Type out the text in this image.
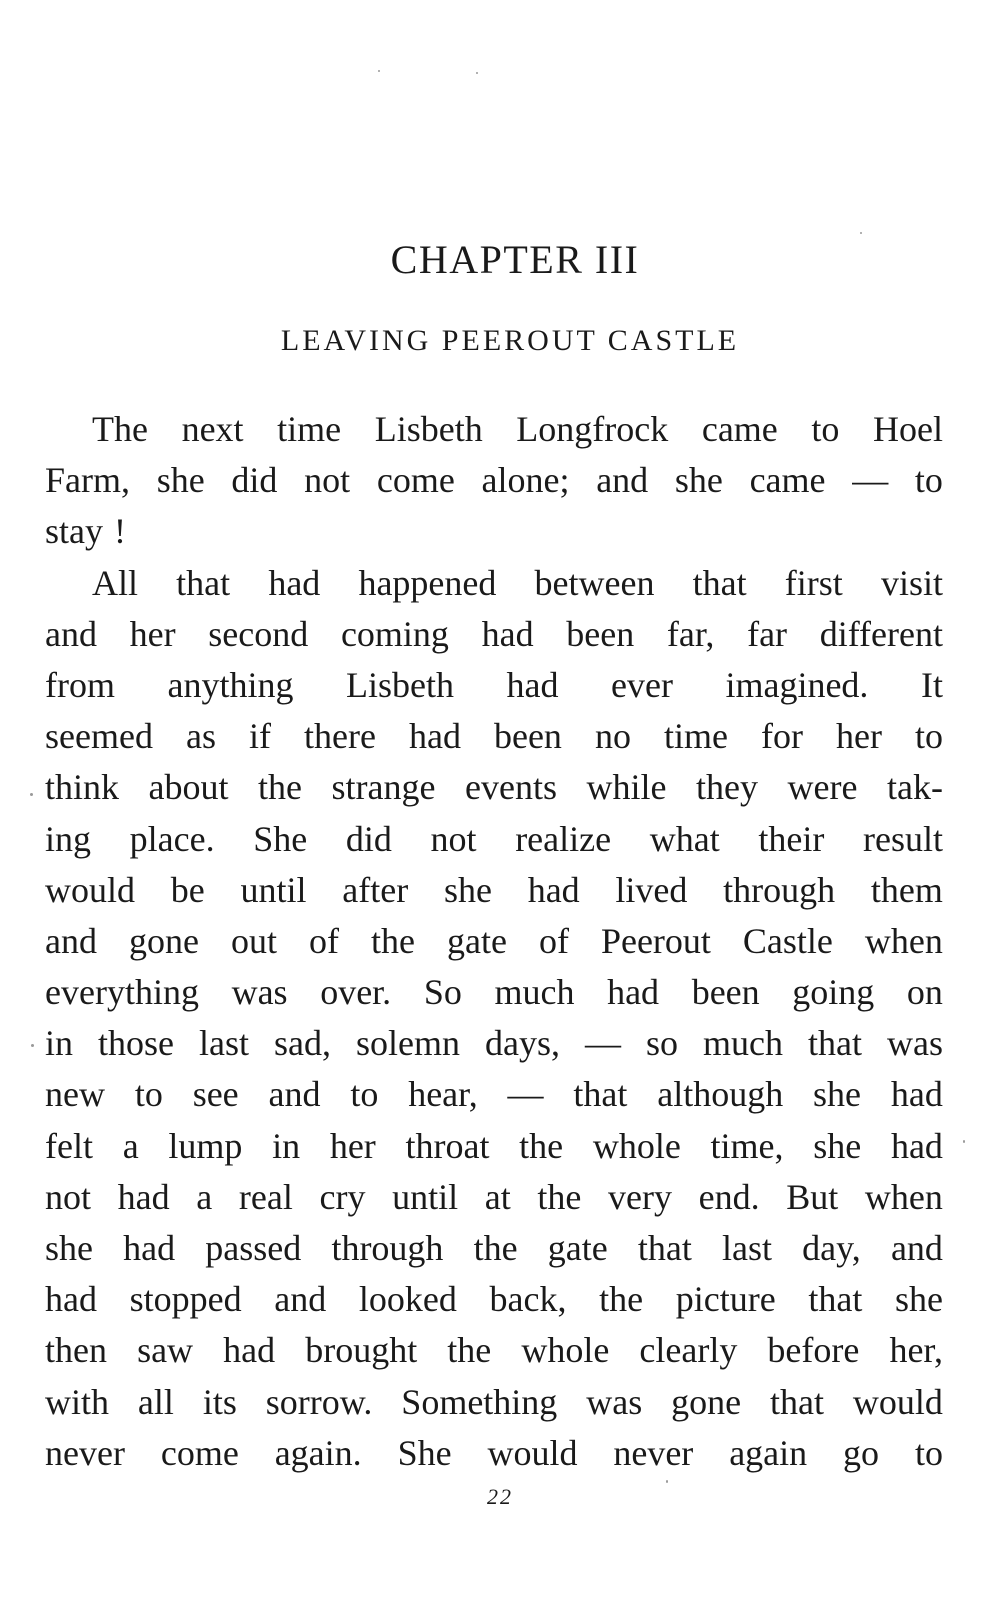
CHAPTER III
LEAVING PEEROUT CASTLE
The next time Lisbeth Longfrock came to Hoel
Farm, she did not come alone; and she came — to
stay !
All that had happened between that first visit
and her second coming had been far, far different
from anything Lisbeth had ever imagined. It
seemed as if there had been no time for her to
think about the strange events while they were tak-
ing place. She did not realize what their result
would be until after she had lived through them
and gone out of the gate of Peerout Castle when
everything was over. So much had been going on
in those last sad, solemn days, — so much that was
new to see and to hear, — that although she had
felt a lump in her throat the whole time, she had
not had a real cry until at the very end. But when
she had passed through the gate that last day, and
had stopped and looked back, the picture that she
then saw had brought the whole clearly before her,
with all its sorrow. Something was gone that would
never come again. She would never again go to
22
